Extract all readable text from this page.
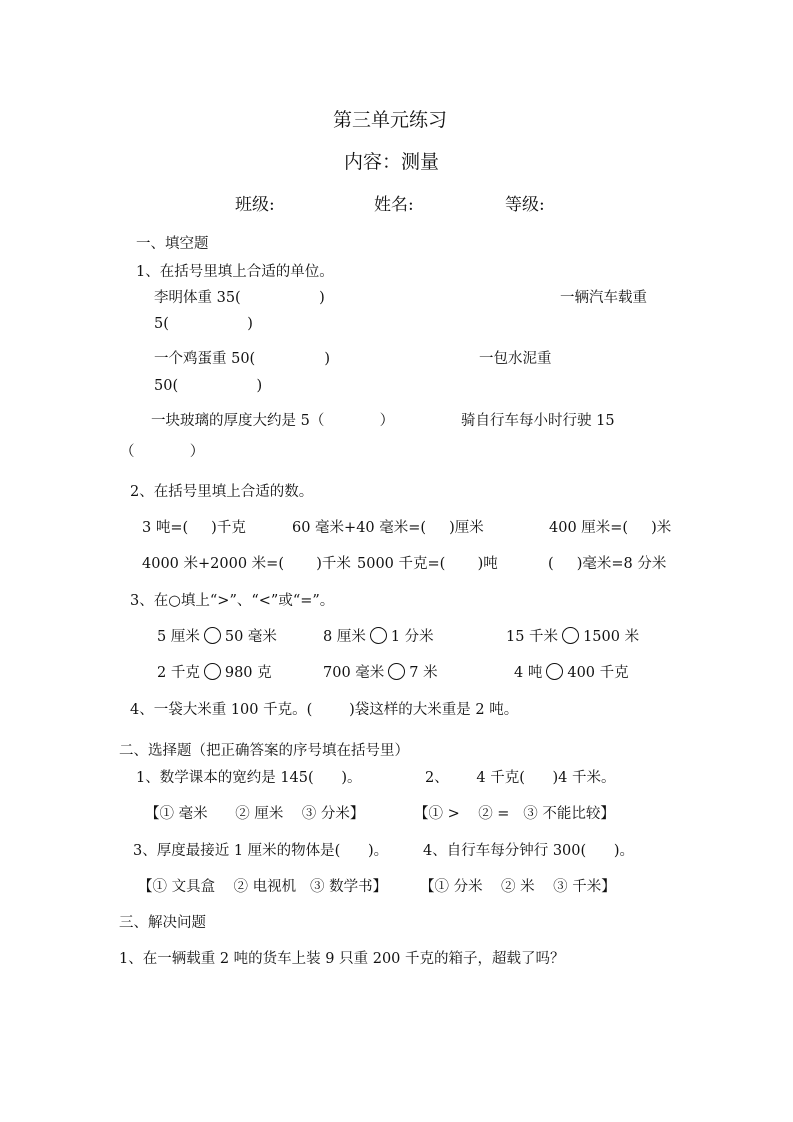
第三单元练习
内容：测量
班级:	姓名:	等级:
一、填空题
1、在括号里填上合适的单位。
李明体重 35(                 )	一辆汽车载重
5(                 )
一个鸡蛋重 50(               )	一包水泥重
50(                 )
一块玻璃的厚度大约是 5（            ）	骑自行车每小时行驶 15
（            ）
2、在括号里填上合适的数。
3 吨=(     )千克	60 毫米+40 毫米=(     )厘米	400 厘米=(     )米
4000 米+2000 米=(       )千米 5000 千克=(       )吨	(     )毫米=8 分米
3、在○填上“>”、“<”或“=”。
5 厘米 50 毫米	8 厘米 1 分米	15 千米 1500 米
2 千克 980 克	700 毫米 7 米	4 吨 400 千克
4、一袋大米重 100 千克。(        )袋这样的大米重是 2 吨。
二、选择题（把正确答案的序号填在括号里）
1、数学课本的宽约是 145(      )。	2、      4 千克(      )4 千米。
【① 毫米      ② 厘米    ③ 分米】	【① >    ② =   ③ 不能比较】
3、厚度最接近 1 厘米的物体是(      )。 4、自行车每分钟行 300(      )。
【① 文具盒    ② 电视机   ③ 数学书】 【① 分米    ② 米    ③ 千米】
三、解决问题
1、在一辆载重 2 吨的货车上装 9 只重 200 千克的箱子，超载了吗？
